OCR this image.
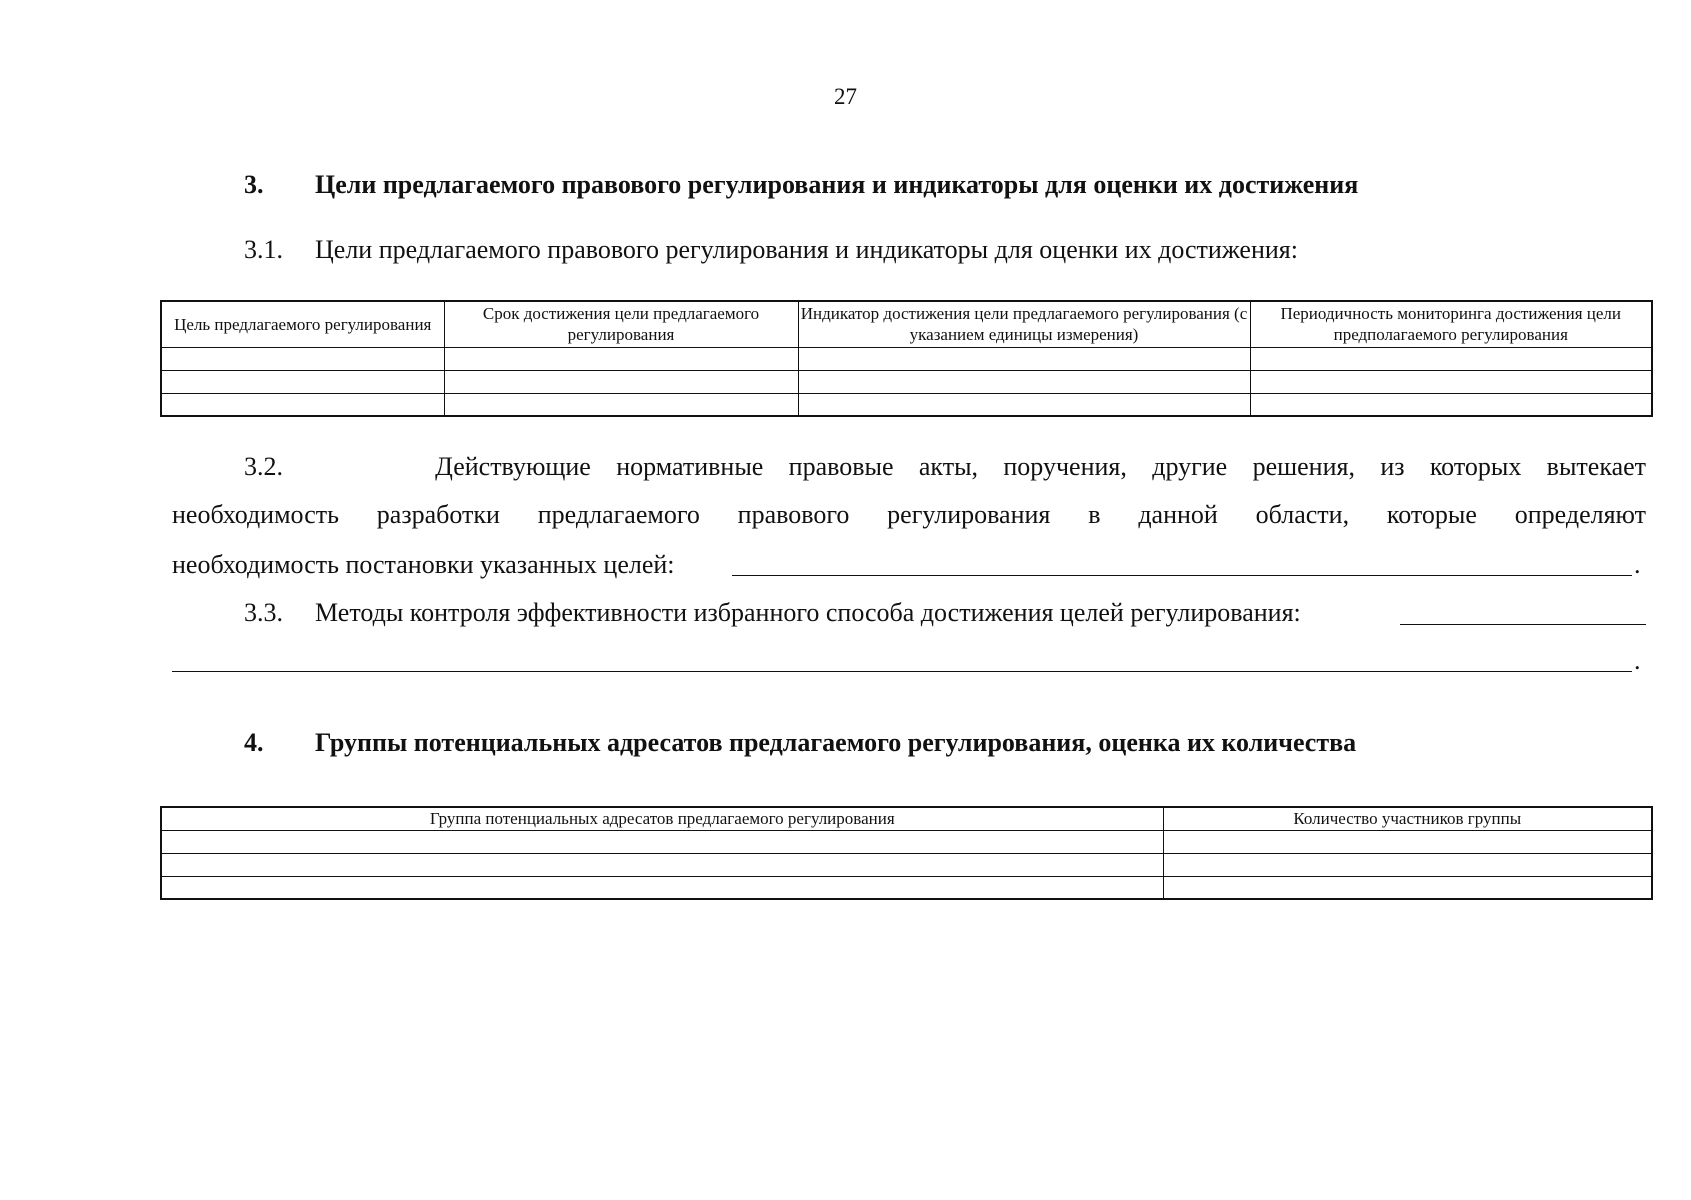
27
3. Цели предлагаемого правового регулирования и индикаторы для оценки их достижения
3.1. Цели предлагаемого правового регулирования и индикаторы для оценки их достижения:
Цель предлагаемого регулирования	Срок достижения цели предлагаемого регулирования	Индикатор достижения цели предлагаемого регулирования (с указанием единицы измерения)	Периодичность мониторинга достижения цели предполагаемого регулирования

3.2.	Действующие нормативные правовые акты, поручения, другие решения, из которых вытекает
необходимость разработки предлагаемого правового регулирования в данной области, которые определяют
необходимость постановки указанных целей:	.
3.3. Методы контроля эффективности избранного способа достижения целей регулирования:
.
4. Группы потенциальных адресатов предлагаемого регулирования, оценка их количества
Группа потенциальных адресатов предлагаемого регулирования	Количество участников группы
